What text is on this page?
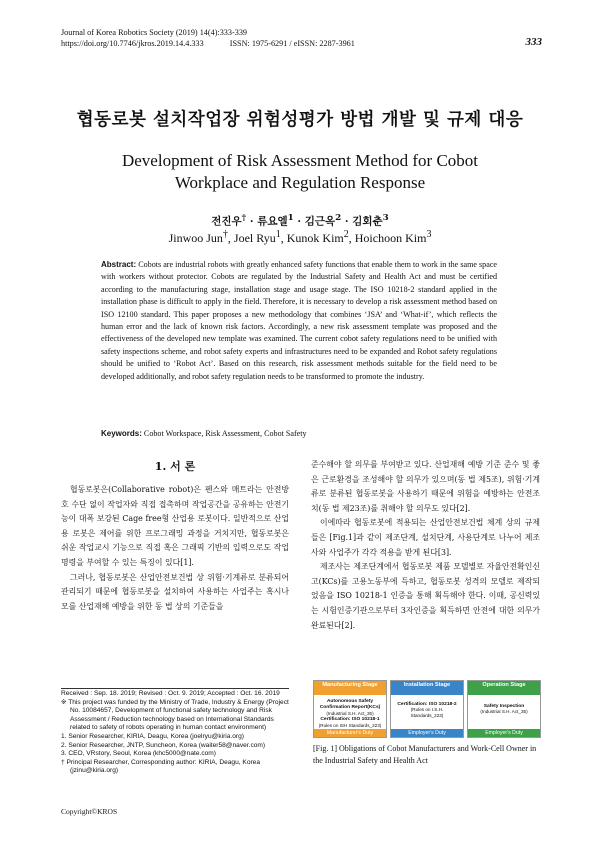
Journal of Korea Robotics Society (2019) 14(4):333-339
https://doi.org/10.7746/jkros.2019.14.4.333	ISSN: 1975-6291 / eISSN: 2287-3961	333
협동로봇 설치작업장 위험성평가 방법 개발 및 규제 대응
Development of Risk Assessment Method for Cobot
Workplace and Regulation Response
전진우† · 류요엘$^1$ · 김근옥$^2$ · 김회춘$^3$
Jinwoo Jun†, Joel Ryu$^1$, Kunok Kim$^2$, Hoichoon Kim$^3$
Abstract: Cobots are industrial robots with greatly enhanced safety functions that enable them to work in the same space with workers without protector. Cobots are regulated by the Industrial Safety and Health Act and must be certified according to the manufacturing stage, installation stage and usage stage. The ISO 10218-2 standard applied in the installation phase is difficult to apply in the field. Therefore, it is necessary to develop a risk assessment method based on ISO 12100 standard. This paper proposes a new methodology that combines ‘JSA’ and ‘What-if’, which reflects the human error and the lack of known risk factors. Accordingly, a new risk assessment template was proposed and the effectiveness of the developed new template was examined. The current cobot safety regulations need to be unified with safety inspections scheme, and robot safety experts and infrastructures need to be expanded and Robot safety regulations should be unified to ‘Robot Act’. Based on this research, risk assessment methods suitable for the field need to be developed additionally, and robot safety regulation needs to be transformed to promote the industry.
Keywords: Cobot Workspace, Risk Assessment, Cobot Safety
1. 서 론

협동로봇은(Collaborative robot)은 펜스와 매트라는 안전방호 수단 없이 작업자와 직접 접촉하며 작업공간을 공유하는 안전기능이 대폭 보강된 Cage free형 산업용 로봇이다. 일반적으로 산업용 로봇은 제어를 위한 프로그래밍 과정을 거치지만, 협동로봇은 쉬운 작업교시 기능으로 직접 혹은 그래픽 기반의 입력으로도 작업 명령을 부여할 수 있는 특징이 있다[1].

그러나, 협동로봇은 산업안전보건법 상 위험·기계류로 분류되어 관리되기 때문에 협동로봇을 설치하여 사용하는 사업주는 혹시나 모를 산업재해 예방을 위한 동 법 상의 기준들을

Received : Sep. 18. 2019; Revised : Oct. 9. 2019; Accepted : Oct. 16. 2019

※ This project was funded by the Ministry of Trade, Industry & Energy (Project No. 10084657, Development of functional safety technology and Risk Assessment / Reduction technology based on International Standards related to safety of robots operating in human contact environment)

1. Senior Researcher, KIRIA, Deagu, Korea (joelryu@kiria.org)

2. Senior Researcher, JNTP, Suncheon, Korea (waiter58@naver.com)

3. CEO, VRstory, Seoul, Korea (khc5000@nate.com)

† Principal Researcher, Corresponding author: KIRIA, Deagu, Korea (jzinu@kiria.org)

Copyright©KROS

준수해야 할 의무를 부여받고 있다. 산업재해 예방 기준 준수 및 좋은 근로환경을 조성해야 할 의무가 있으며(동 법 제5조), 위험·기계류로 분류된 협동로봇을 사용하기 때문에 위험을 예방하는 안전조치(동 법 제23조)를 취해야 할 의무도 있다[2].

이에따라 협동로봇에 적용되는 산업안전보건법 체계 상의 규제들은 [Fig.1]과 같이 제조단계, 설치단계, 사용단계로 나누어 제조사와 사업주가 각각 적용을 받게 된다[3].

제조사는 제조단계에서 협동로봇 제품 모델별로 자율안전확인신고(KCs)를 고용노동부에 득하고, 협동로봇 성격의 모델로 제작되었음을 ISO 10218-1 인증을 통해 획득해야 한다. 이때, 공신력있는 시험인증기관으로부터 3자인증을 획득하면 안전에 대한 의무가 완료된다[2].

Manufacturing Stage
Autonomous Safety Confirmation Report(KCs)
(Industrial S.H. Act_35)
Certification: ISO 10218-1
(Rules on ISH Standards_223)
Manufacturer's Duty
Installation Stage
Certification: ISO 10218-2
(Rules on I.S.H.
Standards_223)
Employer's Duty
Operation Stage
Safety Inspection
(Industrial S.H. Act_35)
Employer's Duty
[Fig. 1] Obligations of Cobot Manufacturers and Work-Cell Owner in the Industrial Safety and Health Act
